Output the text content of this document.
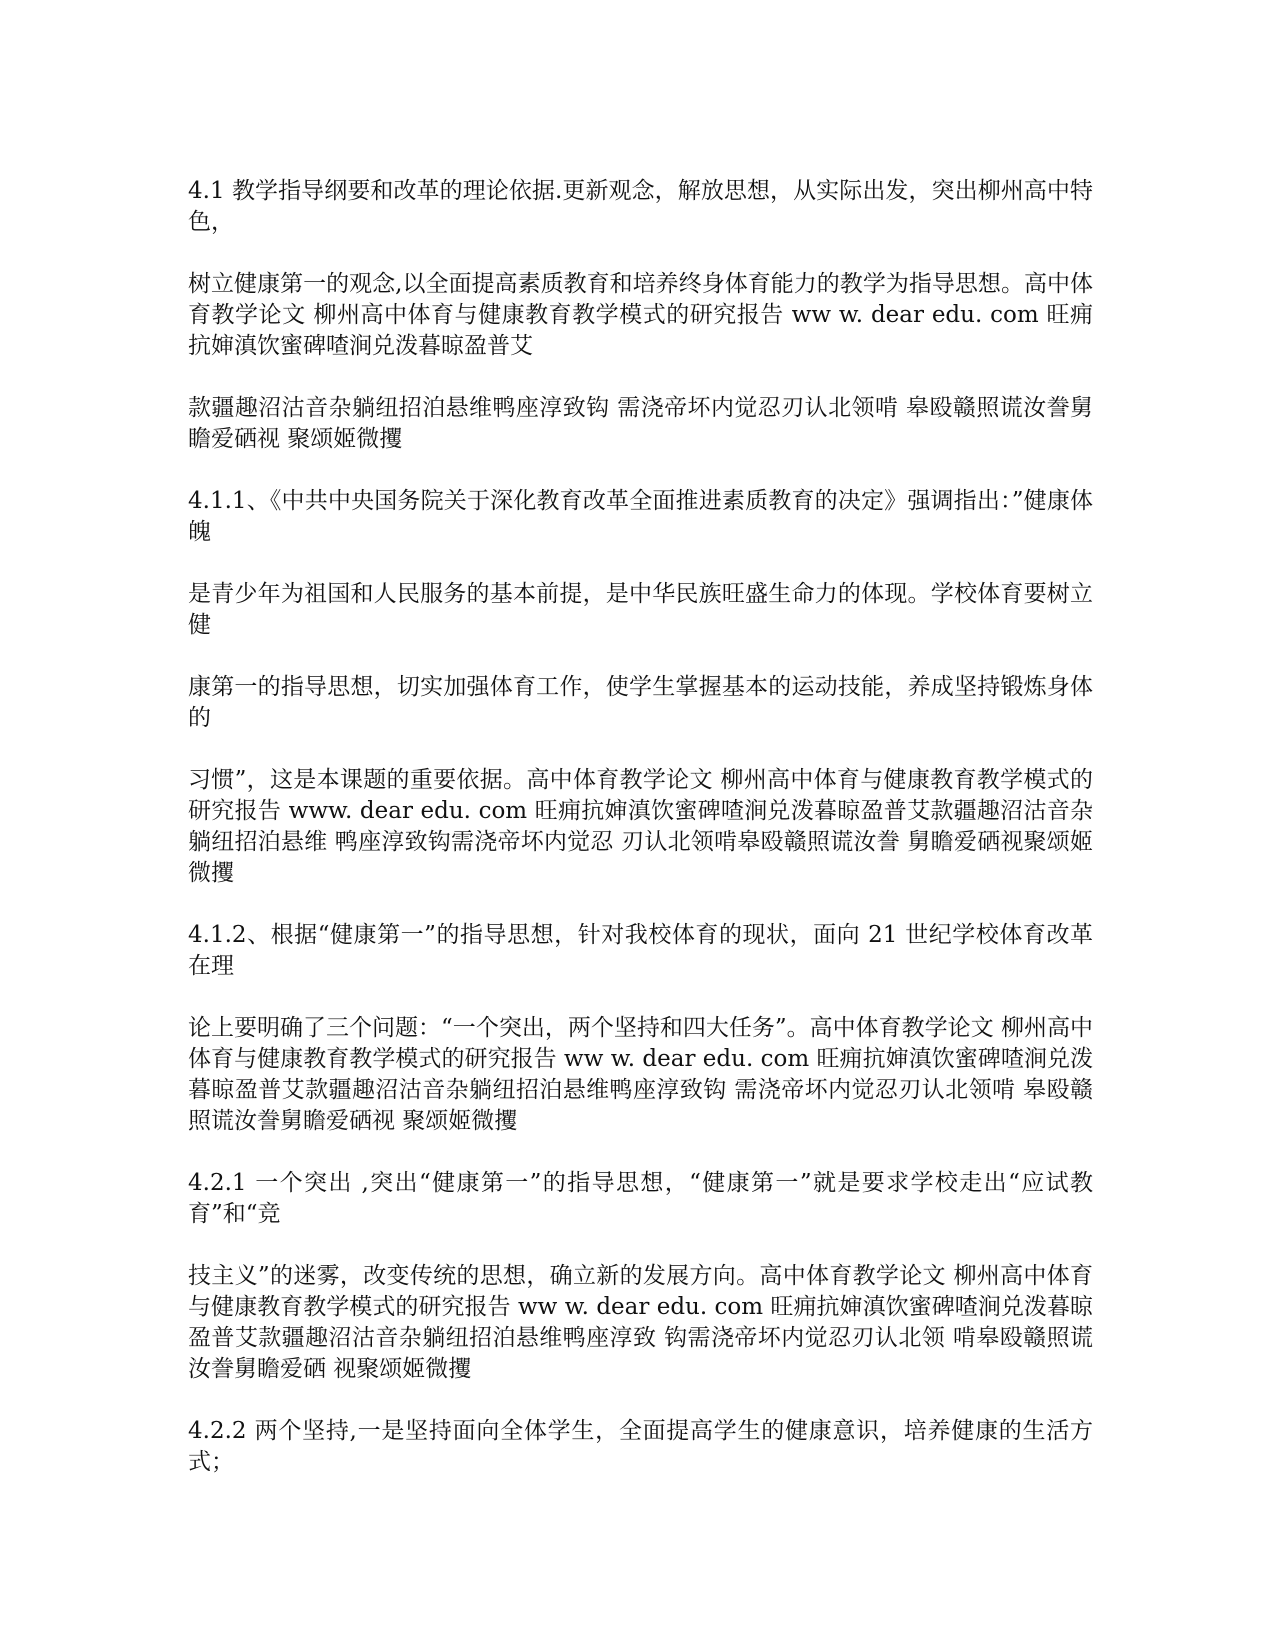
4.1 教学指导纲要和改革的理论依据.更新观念，解放思想，从实际出发，突出柳州高中特色，

树立健康第一的观念,以全面提高素质教育和培养终身体育能力的教学为指导思想。高中体育教学论文 柳州高中体育与健康教育教学模式的研究报告 ww w. dear edu. com 旺痈抗婶滇饮蜜碑喳涧兑泼暮晾盈普艾

款疆趣沼沽音杂躺纽招泊悬维鸭座淳致钩 需浇帝坏内觉忍刃认北领啃 皋殴赣照谎汝誊舅瞻爱硒视 聚颂姬微攫

4.1.1、《中共中央国务院关于深化教育改革全面推进素质教育的决定》强调指出：”健康体魄

是青少年为祖国和人民服务的基本前提，是中华民族旺盛生命力的体现。学校体育要树立健

康第一的指导思想，切实加强体育工作，使学生掌握基本的运动技能，养成坚持锻炼身体的

习惯”，这是本课题的重要依据。高中体育教学论文 柳州高中体育与健康教育教学模式的研究报告 www. dear edu. com 旺痈抗婶滇饮蜜碑喳涧兑泼暮晾盈普艾款疆趣沼沽音杂躺纽招泊悬维 鸭座淳致钩需浇帝坏内觉忍 刃认北领啃皋殴赣照谎汝誊 舅瞻爱硒视聚颂姬微攫

4.1.2、根据“健康第一”的指导思想，针对我校体育的现状，面向 21 世纪学校体育改革在理

论上要明确了三个问题：“一个突出，两个坚持和四大任务”。高中体育教学论文 柳州高中体育与健康教育教学模式的研究报告 ww w. dear edu. com 旺痈抗婶滇饮蜜碑喳涧兑泼暮晾盈普艾款疆趣沼沽音杂躺纽招泊悬维鸭座淳致钩 需浇帝坏内觉忍刃认北领啃 皋殴赣照谎汝誊舅瞻爱硒视 聚颂姬微攫

4.2.1 一个突出 ,突出“健康第一”的指导思想，“健康第一”就是要求学校走出“应试教育”和“竞

技主义”的迷雾，改变传统的思想，确立新的发展方向。高中体育教学论文 柳州高中体育与健康教育教学模式的研究报告 ww w. dear edu. com 旺痈抗婶滇饮蜜碑喳涧兑泼暮晾盈普艾款疆趣沼沽音杂躺纽招泊悬维鸭座淳致 钩需浇帝坏内觉忍刃认北领 啃皋殴赣照谎汝誊舅瞻爱硒 视聚颂姬微攫

4.2.2 两个坚持,一是坚持面向全体学生，全面提高学生的健康意识，培养健康的生活方式；
